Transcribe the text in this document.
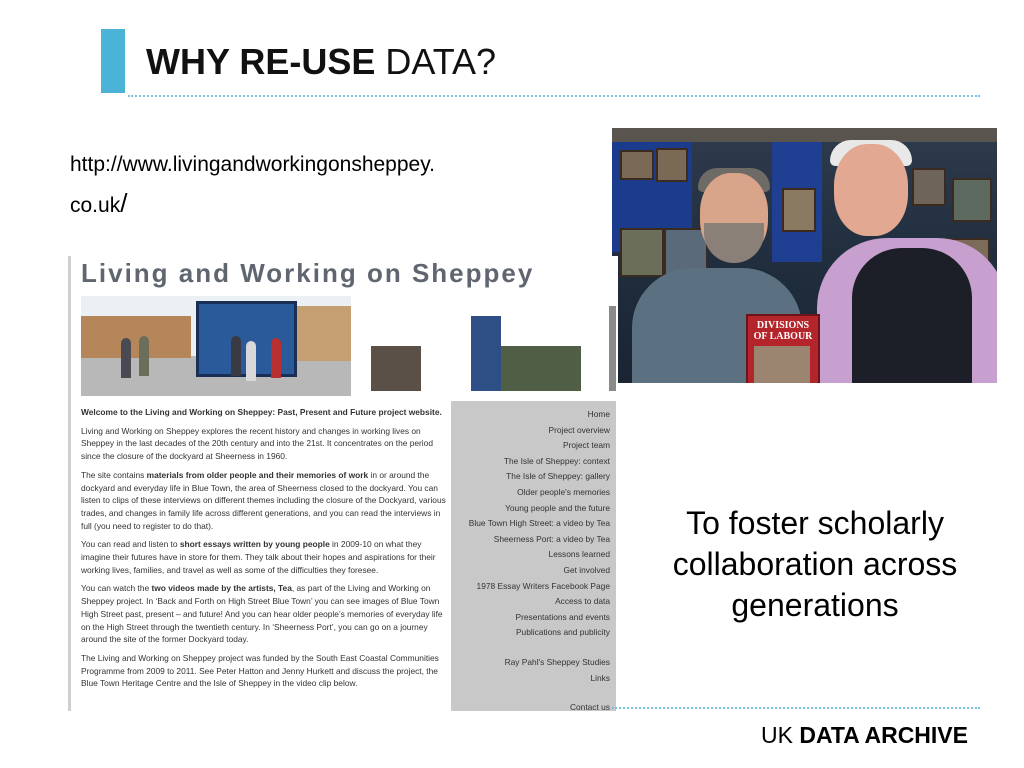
WHY RE-USE DATA?
http://www.livingandworkingonsheppey.
co.uk/
DIVISIONS
OF LABOUR
Living and Working on Sheppey

Welcome to the Living and Working on Sheppey: Past, Present and Future project website.

Living and Working on Sheppey explores the recent history and changes in working lives on Sheppey in the last decades of the 20th century and into the 21st. It concentrates on the period since the closure of the dockyard at Sheerness in 1960.

The site contains materials from older people and their memories of work in or around the dockyard and everyday life in Blue Town, the area of Sheerness closed to the dockyard. You can listen to clips of these interviews on different themes including the closure of the Dockyard, various trades, and changes in family life across different generations, and you can read the interviews in full (you need to register to do that).

You can read and listen to short essays written by young people in 2009-10 on what they imagine their futures have in store for them. They talk about their hopes and aspirations for their working lives, families, and travel as well as some of the difficulties they foresee.

You can watch the two videos made by the artists, Tea, as part of the Living and Working on Sheppey project. In ‘Back and Forth on High Street Blue Town’ you can see images of Blue Town High Street past, present – and future! And you can hear older people’s memories of everyday life on the High Street through the twentieth century. In ‘Sheerness Port’, you can go on a journey around the site of the former Dockyard today.

The Living and Working on Sheppey project was funded by the South East Coastal Communities Programme from 2009 to 2011. See Peter Hatton and Jenny Hurkett and discuss the project, the Blue Town Heritage Centre and the Isle of Sheppey in the video clip below.

Home
Project overview
Project team
The Isle of Sheppey: context
The Isle of Sheppey: gallery
Older people's memories
Young people and the future
Blue Town High Street: a video by Tea
Sheerness Port: a video by Tea
Lessons learned
Get involved
1978 Essay Writers Facebook Page
Access to data
Presentations and events
Publications and publicity
Ray Pahl's Sheppey Studies
Links
Contact us
To foster scholarly
collaboration across
generations
UK DATA ARCHIVE
